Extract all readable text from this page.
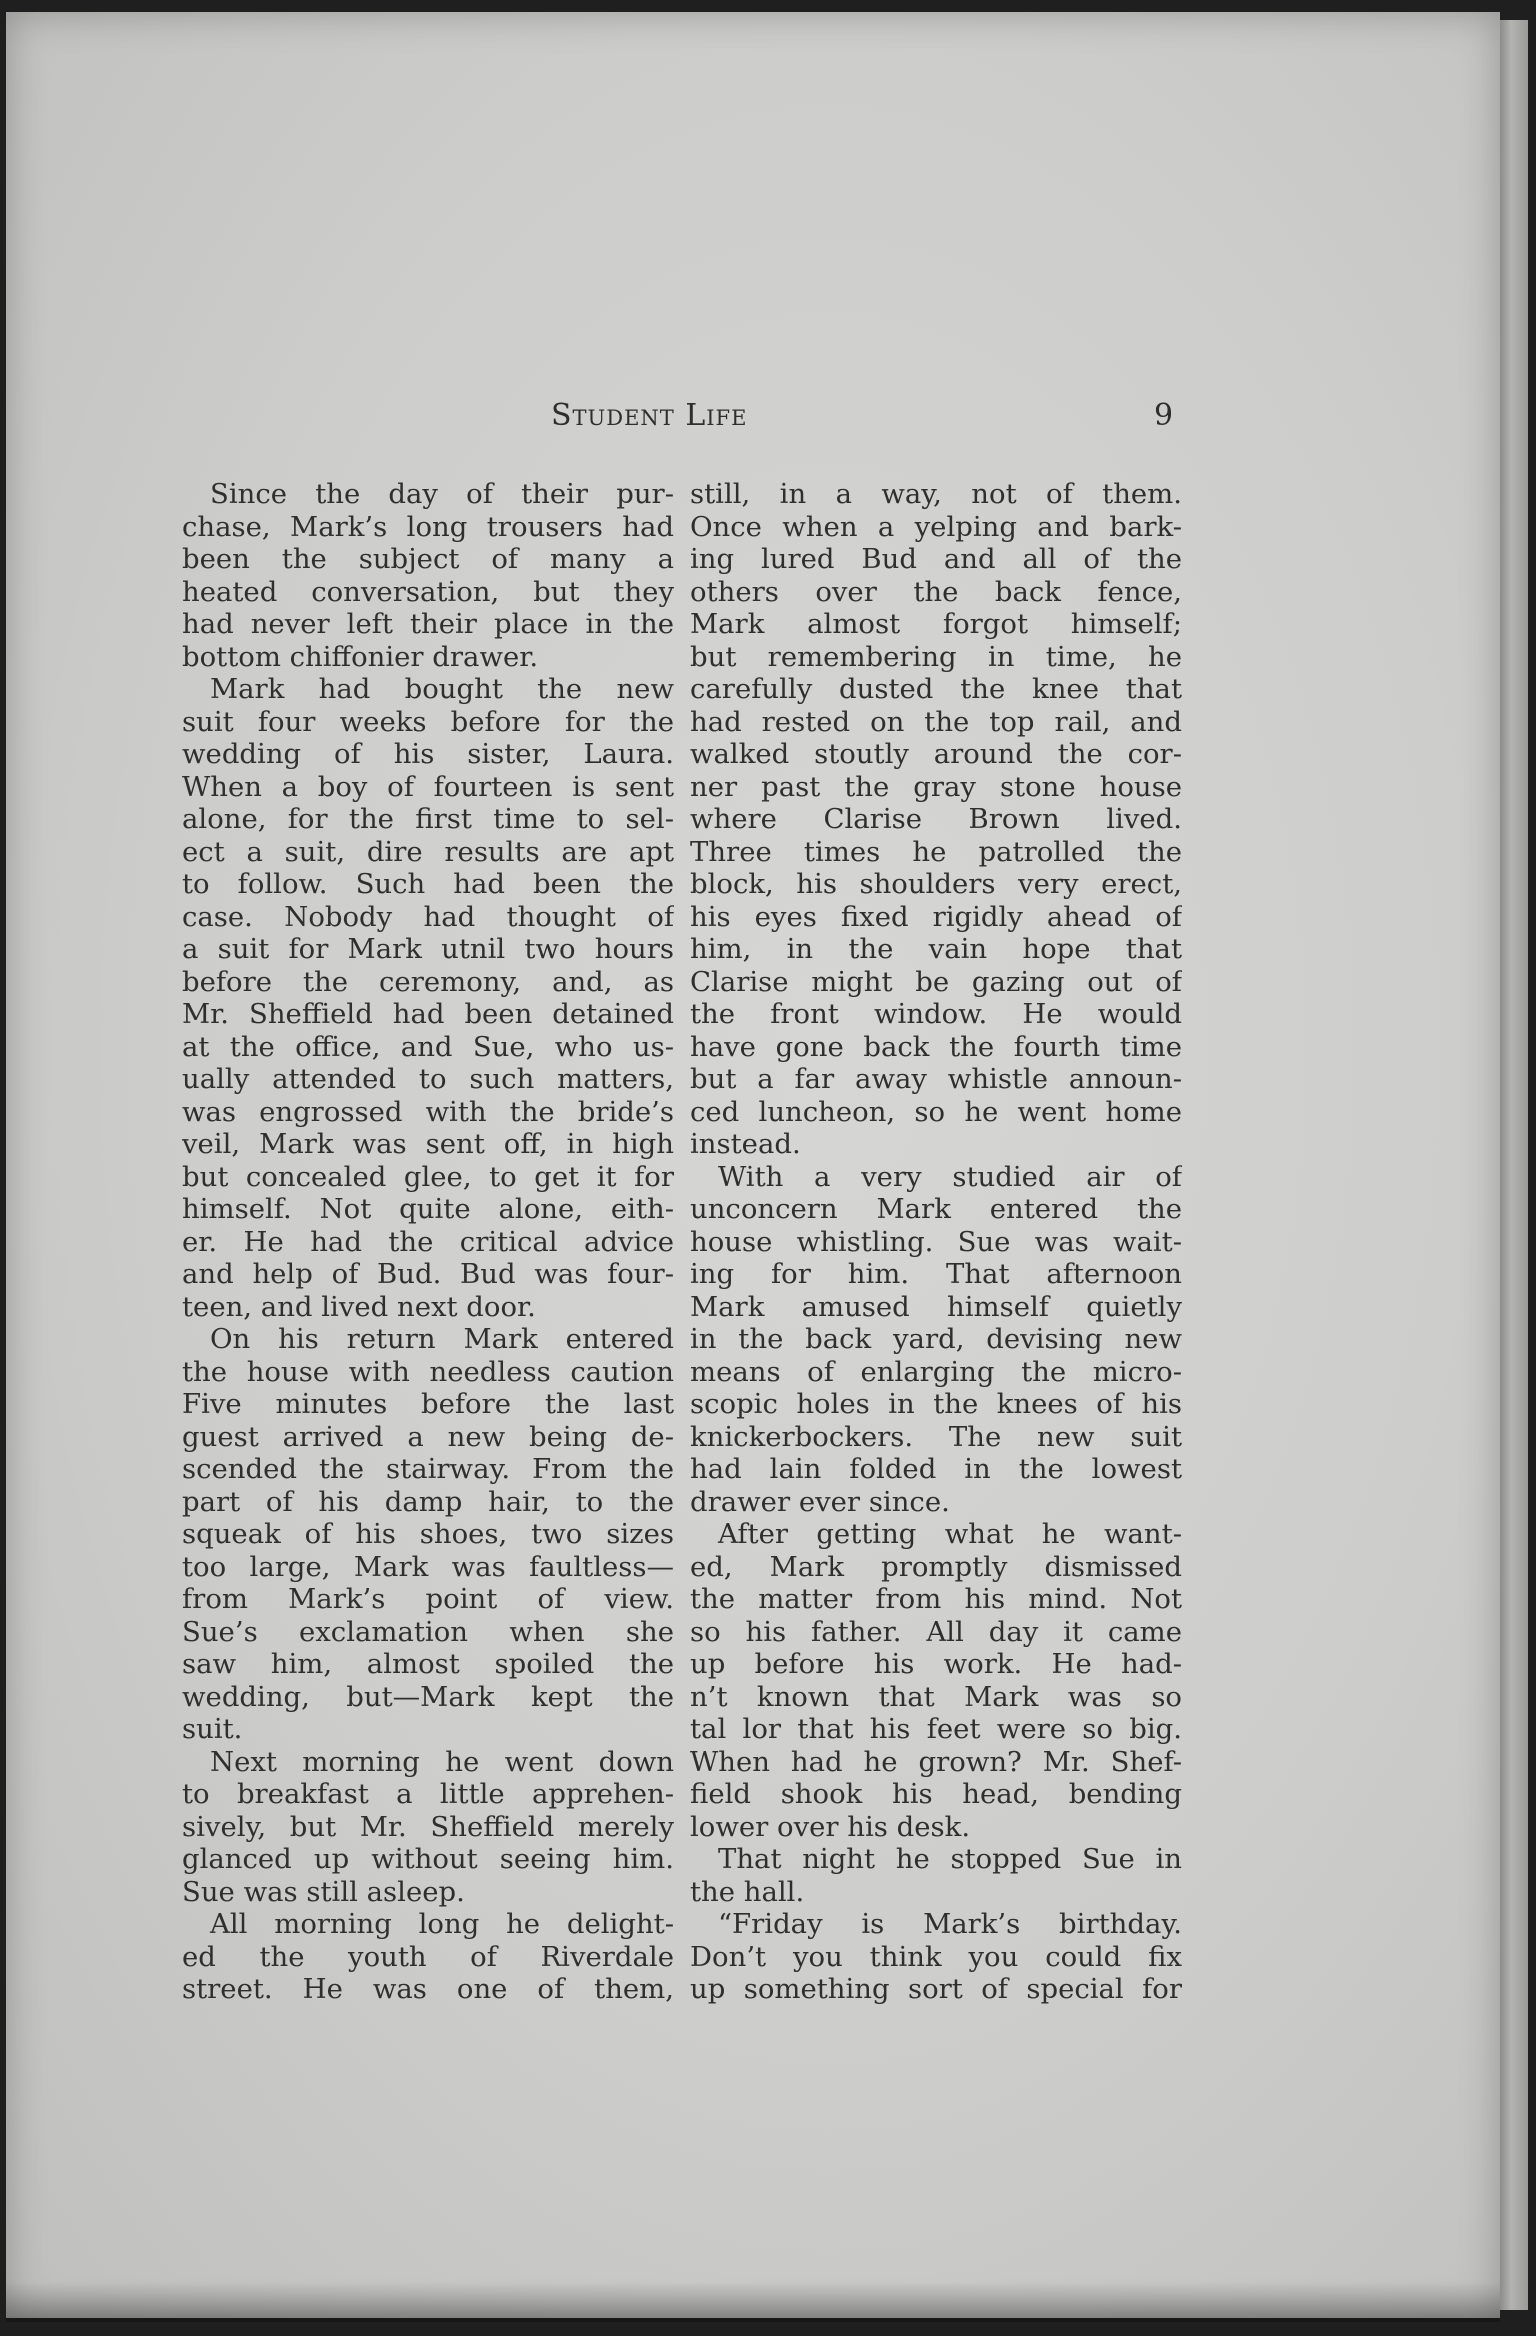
Student Life	9
Since the day of their pur-
chase, Mark’s long trousers had
been the subject of many a
heated conversation, but they
had never left their place in the
bottom chiffonier drawer.
Mark had bought the new
suit four weeks before for the
wedding of his sister, Laura.
When a boy of fourteen is sent
alone, for the first time to sel-
ect a suit, dire results are apt
to follow. Such had been the
case. Nobody had thought of
a suit for Mark utnil two hours
before the ceremony, and, as
Mr. Sheffield had been detained
at the office, and Sue, who us-
ually attended to such matters,
was engrossed with the bride’s
veil, Mark was sent off, in high
but concealed glee, to get it for
himself. Not quite alone, eith-
er. He had the critical advice
and help of Bud. Bud was four-
teen, and lived next door.
On his return Mark entered
the house with needless caution
Five minutes before the last
guest arrived a new being de-
scended the stairway. From the
part of his damp hair, to the
squeak of his shoes, two sizes
too large, Mark was faultless—
from Mark’s point of view.
Sue’s exclamation when she
saw him, almost spoiled the
wedding, but—Mark kept the
suit.
Next morning he went down
to breakfast a little apprehen-
sively, but Mr. Sheffield merely
glanced up without seeing him.
Sue was still asleep.
All morning long he delight-
ed the youth of Riverdale
street. He was one of them,
still, in a way, not of them.
Once when a yelping and bark-
ing lured Bud and all of the
others over the back fence,
Mark almost forgot himself;
but remembering in time, he
carefully dusted the knee that
had rested on the top rail, and
walked stoutly around the cor-
ner past the gray stone house
where Clarise Brown lived.
Three times he patrolled the
block, his shoulders very erect,
his eyes fixed rigidly ahead of
him, in the vain hope that
Clarise might be gazing out of
the front window. He would
have gone back the fourth time
but a far away whistle announ-
ced luncheon, so he went home
instead.
With a very studied air of
unconcern Mark entered the
house whistling. Sue was wait-
ing for him. That afternoon
Mark amused himself quietly
in the back yard, devising new
means of enlarging the micro-
scopic holes in the knees of his
knickerbockers. The new suit
had lain folded in the lowest
drawer ever since.
After getting what he want-
ed, Mark promptly dismissed
the matter from his mind. Not
so his father. All day it came
up before his work. He had-
n’t known that Mark was so
tal lor that his feet were so big.
When had he grown? Mr. Shef-
field shook his head, bending
lower over his desk.
That night he stopped Sue in
the hall.
“Friday is Mark’s birthday.
Don’t you think you could fix
up something sort of special for
